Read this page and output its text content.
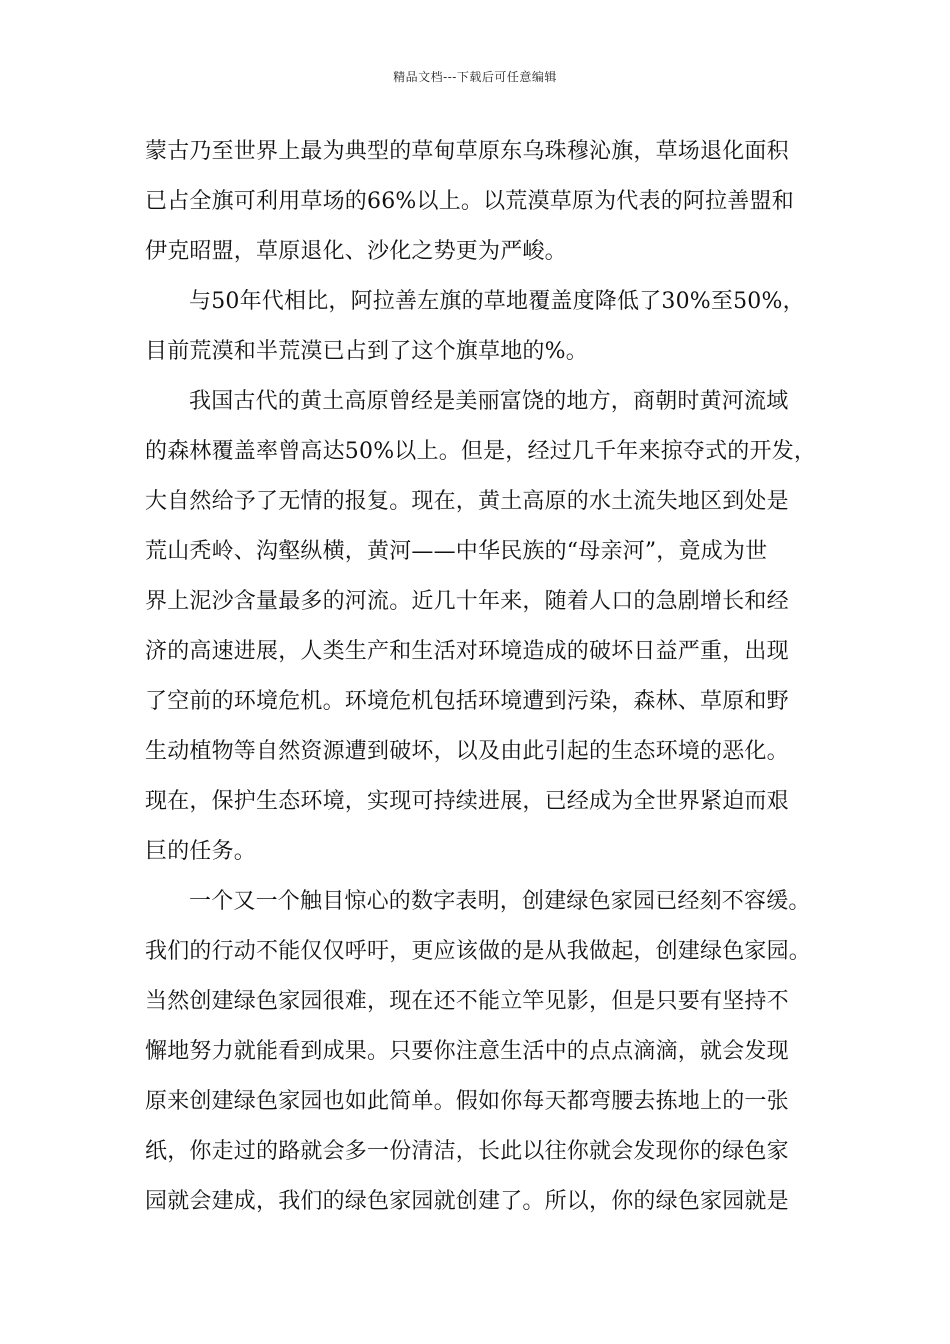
精品文档---下载后可任意编辑
蒙古乃至世界上最为典型的草甸草原东乌珠穆沁旗，草场退化面积
已占全旗可利用草场的66%以上。以荒漠草原为代表的阿拉善盟和
伊克昭盟，草原退化、沙化之势更为严峻。
与50年代相比，阿拉善左旗的草地覆盖度降低了30%至50%，
目前荒漠和半荒漠已占到了这个旗草地的%。
我国古代的黄土高原曾经是美丽富饶的地方，商朝时黄河流域
的森林覆盖率曾高达50%以上。但是，经过几千年来掠夺式的开发，
大自然给予了无情的报复。现在，黄土高原的水土流失地区到处是
荒山秃岭、沟壑纵横，黄河——中华民族的“母亲河”，竟成为世
界上泥沙含量最多的河流。近几十年来，随着人口的急剧增长和经
济的高速进展，人类生产和生活对环境造成的破坏日益严重，出现
了空前的环境危机。环境危机包括环境遭到污染，森林、草原和野
生动植物等自然资源遭到破坏，以及由此引起的生态环境的恶化。
现在，保护生态环境，实现可持续进展，已经成为全世界紧迫而艰
巨的任务。
一个又一个触目惊心的数字表明，创建绿色家园已经刻不容缓。
我们的行动不能仅仅呼吁，更应该做的是从我做起，创建绿色家园。
当然创建绿色家园很难，现在还不能立竿见影，但是只要有坚持不
懈地努力就能看到成果。只要你注意生活中的点点滴滴，就会发现
原来创建绿色家园也如此简单。假如你每天都弯腰去拣地上的一张
纸，你走过的路就会多一份清洁，长此以往你就会发现你的绿色家
园就会建成，我们的绿色家园就创建了。所以，你的绿色家园就是
